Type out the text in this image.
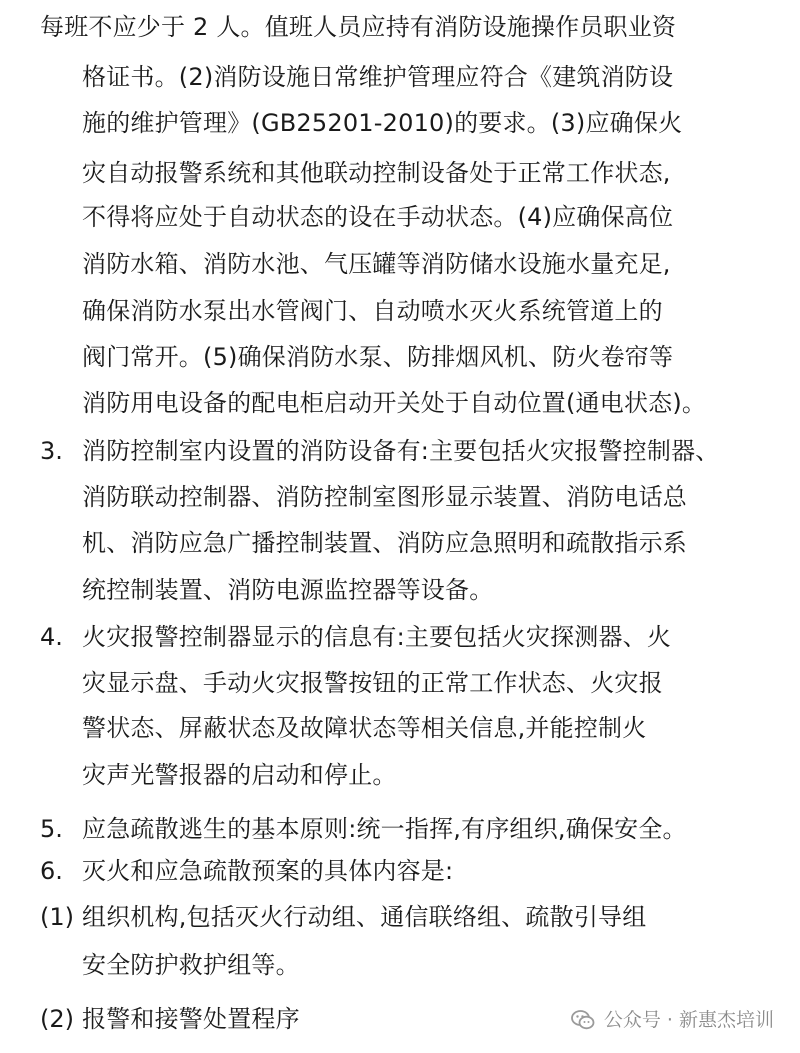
每班不应少于 2 人。值班人员应持有消防设施操作员职业资
格证书。(2)消防设施日常维护管理应符合《建筑消防设
施的维护管理》(GB25201-2010)的要求。(3)应确保火
灾自动报警系统和其他联动控制设备处于正常工作状态,
不得将应处于自动状态的设在手动状态。(4)应确保高位
消防水箱、消防水池、气压罐等消防储水设施水量充足,
确保消防水泵出水管阀门、自动喷水灭火系统管道上的
阀门常开。(5)确保消防水泵、防排烟风机、防火卷帘等
消防用电设备的配电柜启动开关处于自动位置(通电状态)。
3. 消防控制室内设置的消防设备有:主要包括火灾报警控制器、
消防联动控制器、消防控制室图形显示装置、消防电话总
机、消防应急广播控制装置、消防应急照明和疏散指示系
统控制装置、消防电源监控器等设备。
4. 火灾报警控制器显示的信息有:主要包括火灾探测器、火
灾显示盘、手动火灾报警按钮的正常工作状态、火灾报
警状态、屏蔽状态及故障状态等相关信息,并能控制火
灾声光警报器的启动和停止。
5. 应急疏散逃生的基本原则:统一指挥,有序组织,确保安全。
6. 灭火和应急疏散预案的具体内容是:
(1) 组织机构,包括灭火行动组、通信联络组、疏散引导组
安全防护救护组等。
(2) 报警和接警处置程序	公众号 · 新惠杰培训
